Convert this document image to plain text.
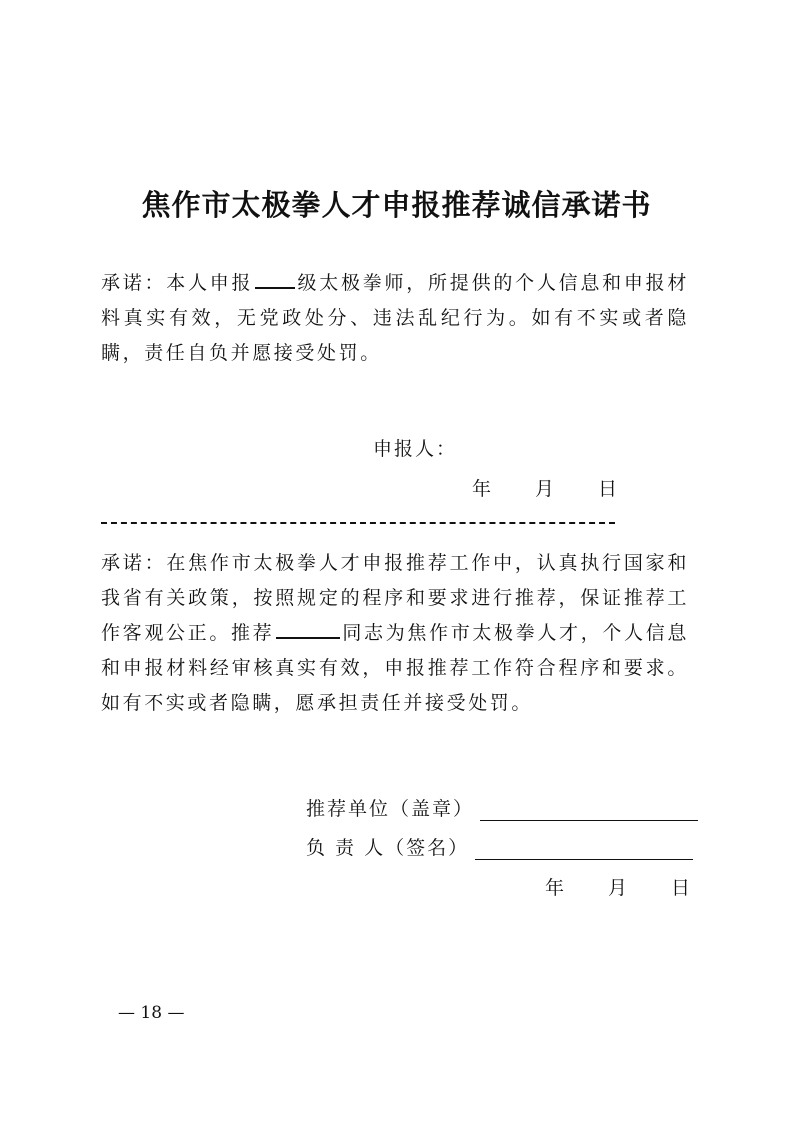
焦作市太极拳人才申报推荐诚信承诺书
承诺：本人申报 级太极拳师，所提供的个人信息和申报材料真实有效，无党政处分、违法乱纪行为。如有不实或者隐瞒，责任自负并愿接受处罚。
申报人：
年　　月　　日
承诺：在焦作市太极拳人才申报推荐工作中，认真执行国家和我省有关政策，按照规定的程序和要求进行推荐，保证推荐工作客观公正。推荐	同志为焦作市太极拳人才，个人信息和申报材料经审核真实有效，申报推荐工作符合程序和要求。如有不实或者隐瞒，愿承担责任并接受处罚。
推荐单位（盖章）
负 责 人（签名）
年　　月　　日
— 18 —
